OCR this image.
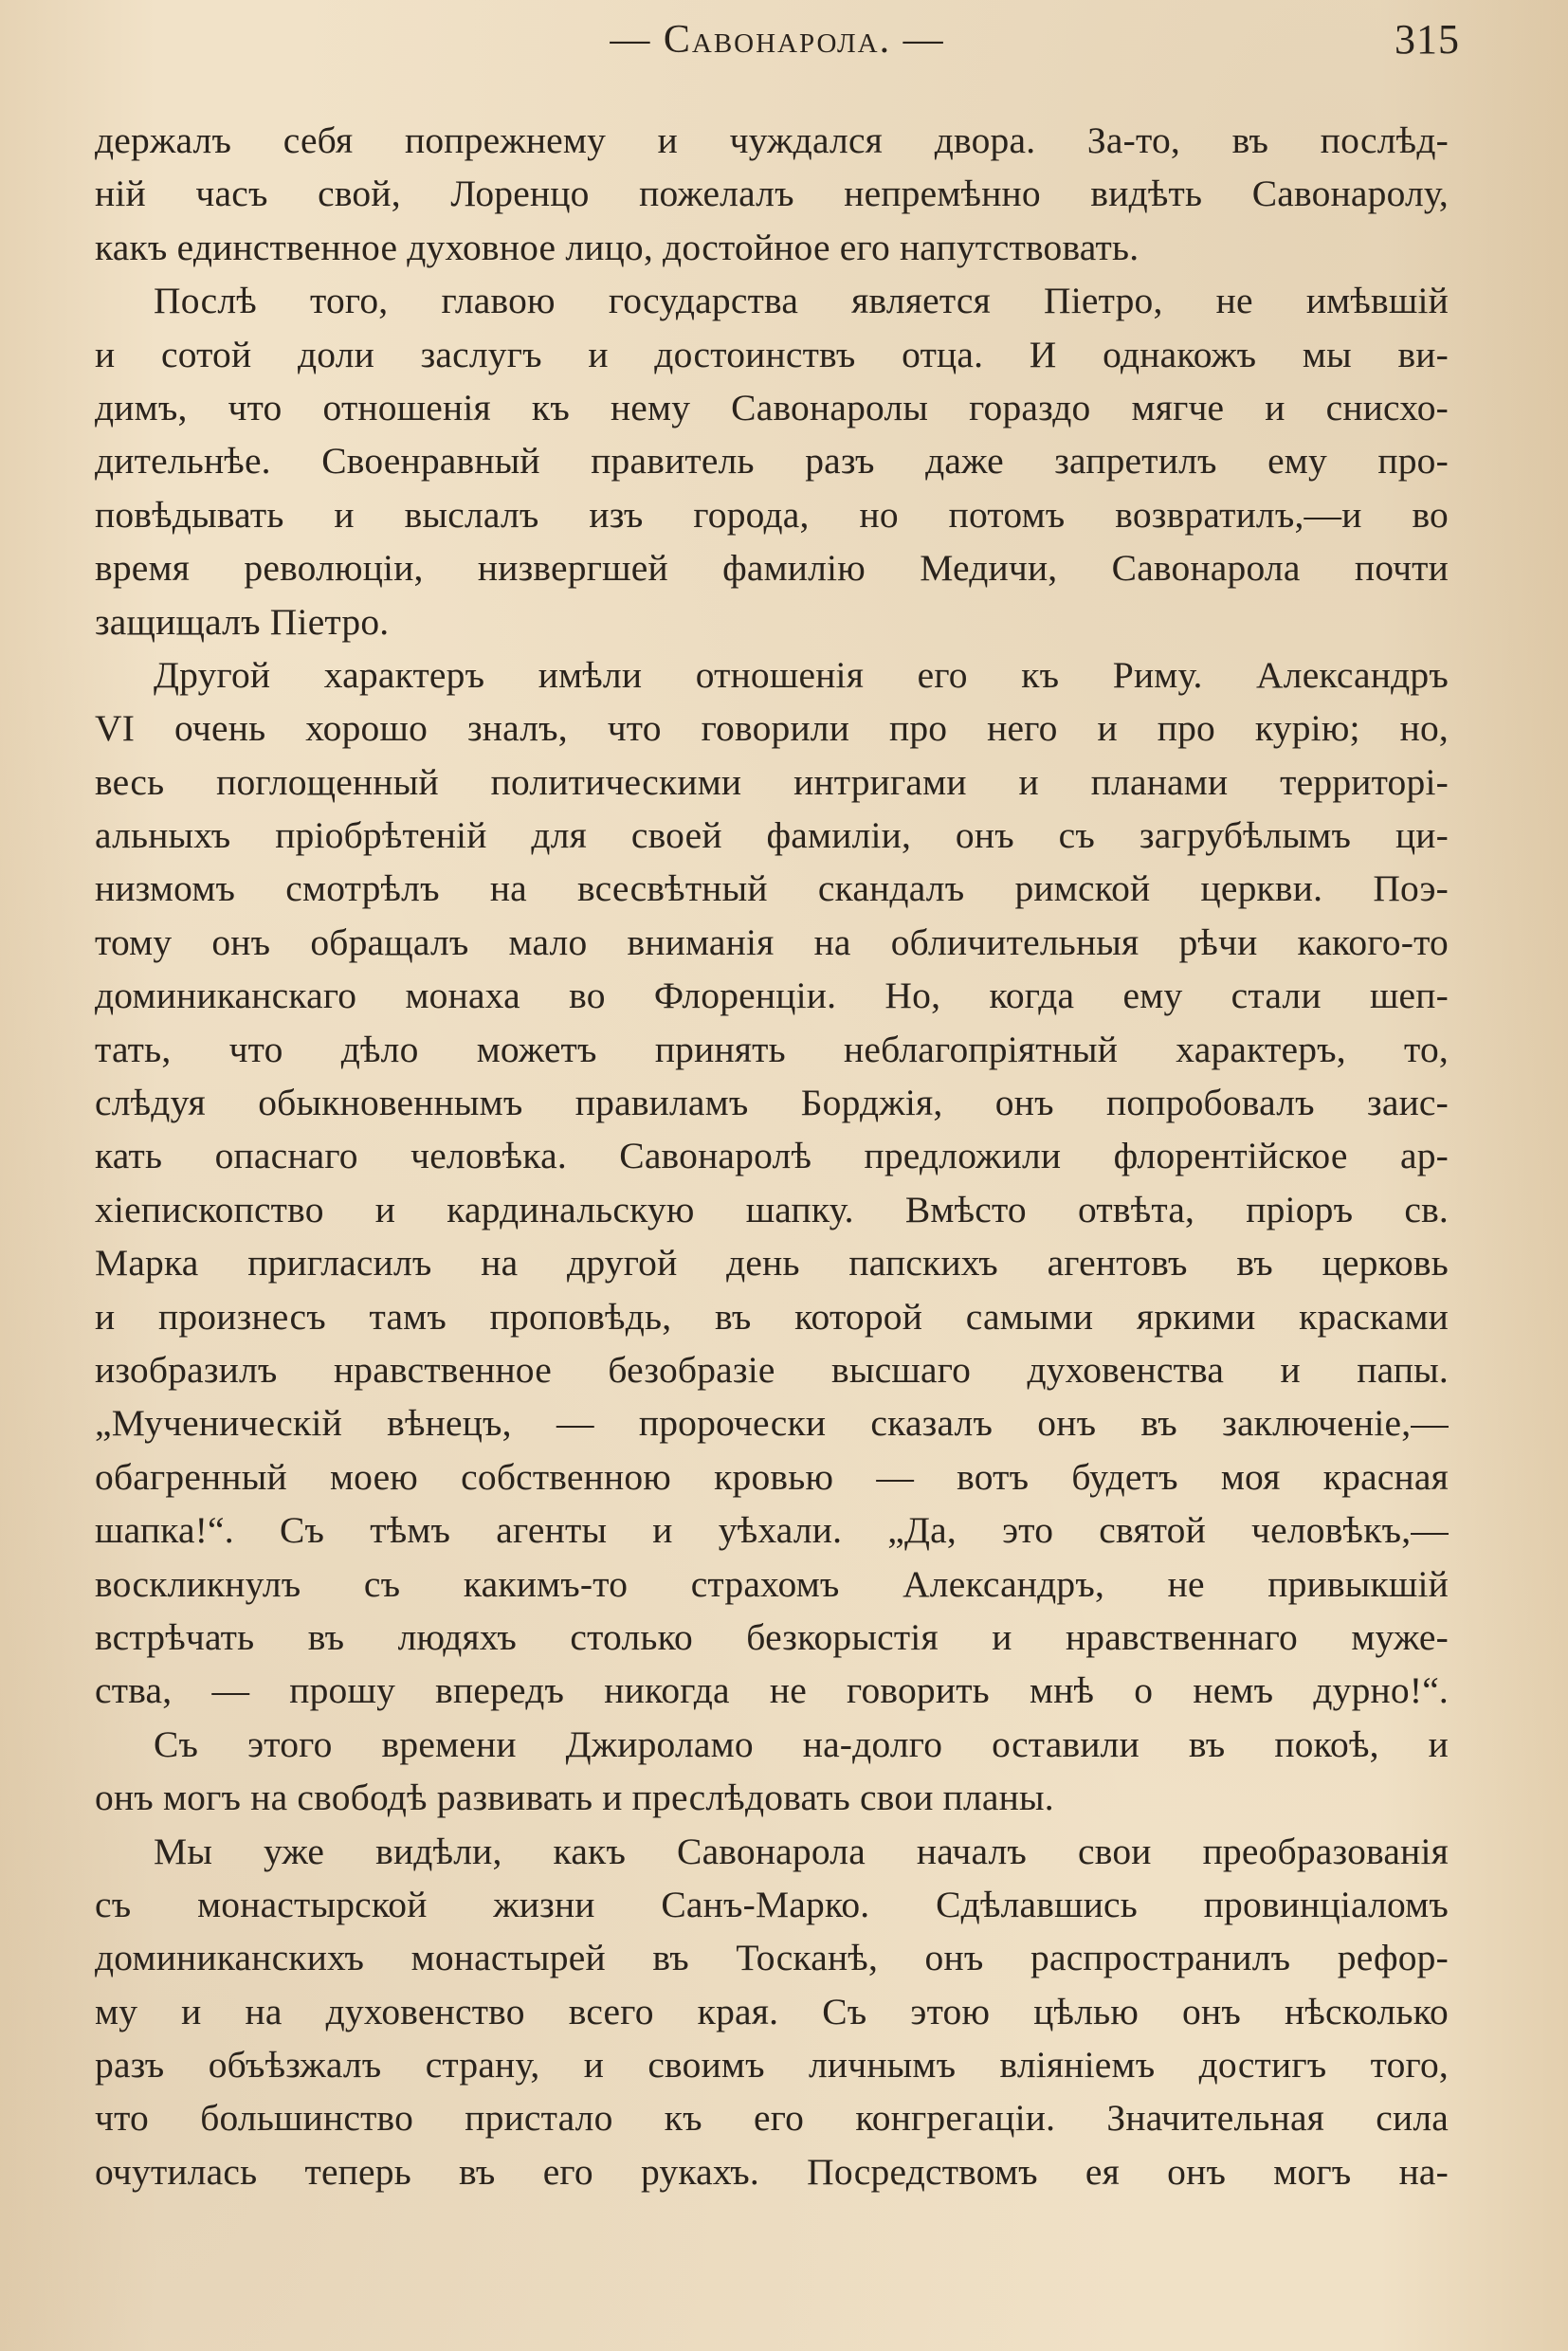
— Савонарола. —	315
держалъ себя попрежнему и чуждался двора. За-то, въ послѣд-
ній часъ свой, Лоренцо пожелалъ непремѣнно видѣть Савонаролу,
какъ единственное духовное лицо, достойное его напутствовать.
Послѣ того, главою государства является Піетро, не имѣвшій
и сотой доли заслугъ и достоинствъ отца. И однакожъ мы ви-
димъ, что отношенія къ нему Савонаролы гораздо мягче и снисхо-
дительнѣе. Своенравный правитель разъ даже запретилъ ему про-
повѣдывать и выслалъ изъ города, но потомъ возвратилъ,—и во
время революціи, низвергшей фамилію Медичи, Савонарола почти
защищалъ Піетро.
Другой характеръ имѣли отношенія его къ Риму. Александръ
VI очень хорошо зналъ, что говорили про него и про курію; но,
весь поглощенный политическими интригами и планами территорі-
альныхъ пріобрѣтеній для своей фамиліи, онъ съ загрубѣлымъ ци-
низмомъ смотрѣлъ на всесвѣтный скандалъ римской церкви. Поэ-
тому онъ обращалъ мало вниманія на обличительныя рѣчи какого-то
доминиканскаго монаха во Флоренціи. Но, когда ему стали шеп-
тать, что дѣло можетъ принять неблагопріятный характеръ, то,
слѣдуя обыкновеннымъ правиламъ Борджія, онъ попробовалъ заис-
кать опаснаго человѣка. Савонаролѣ предложили флорентійское ар-
хіепископство и кардинальскую шапку. Вмѣсто отвѣта, пріоръ св.
Марка пригласилъ на другой день папскихъ агентовъ въ церковь
и произнесъ тамъ проповѣдь, въ которой самыми яркими красками
изобразилъ нравственное безобразіе высшаго духовенства и папы.
„Мученическій вѣнецъ, — пророчески сказалъ онъ въ заключеніе,—
обагренный моею собственною кровью — вотъ будетъ моя красная
шапка!“. Съ тѣмъ агенты и уѣхали. „Да, это святой человѣкъ,—
воскликнулъ съ какимъ-то страхомъ Александръ, не привыкшій
встрѣчать въ людяхъ столько безкорыстія и нравственнаго муже-
ства, — прошу впередъ никогда не говорить мнѣ о немъ дурно!“.
Съ этого времени Джироламо на-долго оставили въ покоѣ, и
онъ могъ на свободѣ развивать и преслѣдовать свои планы.
Мы уже видѣли, какъ Савонарола началъ свои преобразованія
съ монастырской жизни Санъ-Марко. Сдѣлавшись провинціаломъ
доминиканскихъ монастырей въ Тосканѣ, онъ распространилъ рефор-
му и на духовенство всего края. Съ этою цѣлью онъ нѣсколько
разъ объѣзжалъ страну, и своимъ личнымъ вліяніемъ достигъ того,
что большинство пристало къ его конгрегаціи. Значительная сила
очутилась теперь въ его рукахъ. Посредствомъ ея онъ могъ на-
